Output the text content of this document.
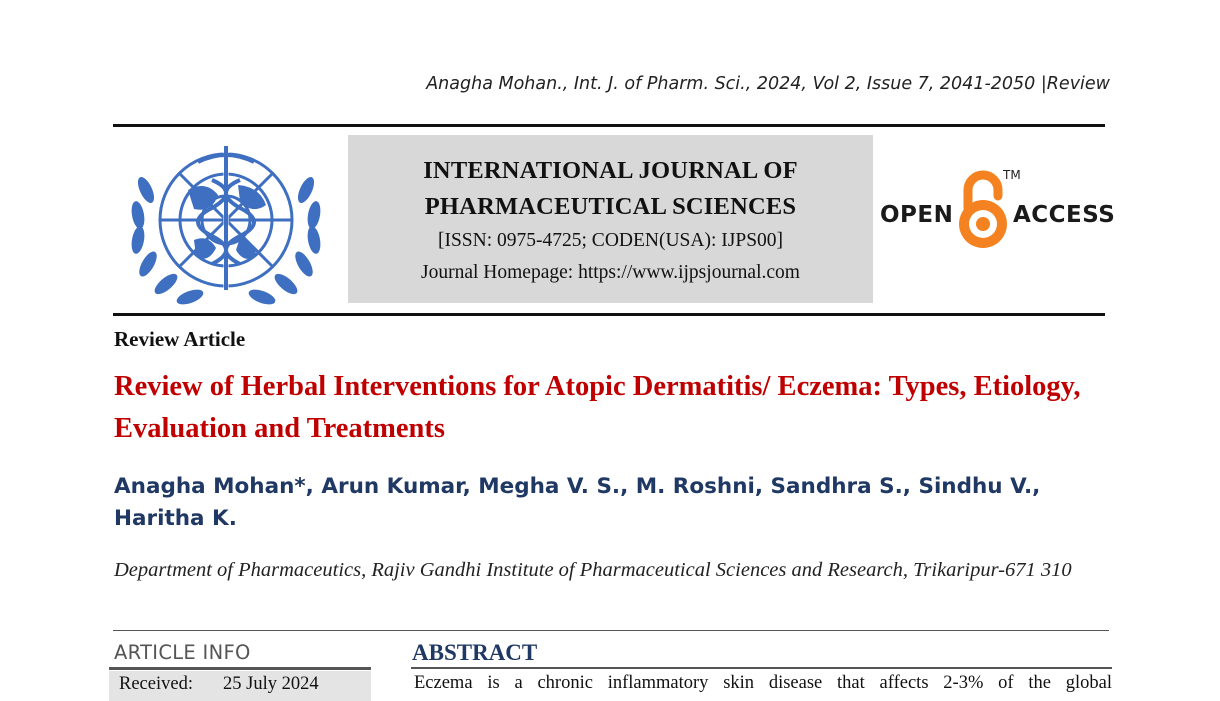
Anagha Mohan., Int. J. of Pharm. Sci., 2024, Vol 2, Issue 7, 2041-2050 |Review
INTERNATIONAL JOURNAL OF
PHARMACEUTICAL SCIENCES
[ISSN: 0975-4725; CODEN(USA): IJPS00]
Journal Homepage: https://www.ijpsjournal.com
OPEN
TM
ACCESS
Review Article
Review of Herbal Interventions for Atopic Dermatitis/ Eczema: Types, Etiology, Evaluation and Treatments
Anagha Mohan*, Arun Kumar, Megha V. S., M. Roshni, Sandhra S., Sindhu V., Haritha K.
Department of Pharmaceutics, Rajiv Gandhi Institute of Pharmaceutical Sciences and Research, Trikaripur-671 310
ARTICLE INFO
Received: 25 July 2024
ABSTRACT
Eczema is a chronic inflammatory skin disease that affects 2-3% of the global
